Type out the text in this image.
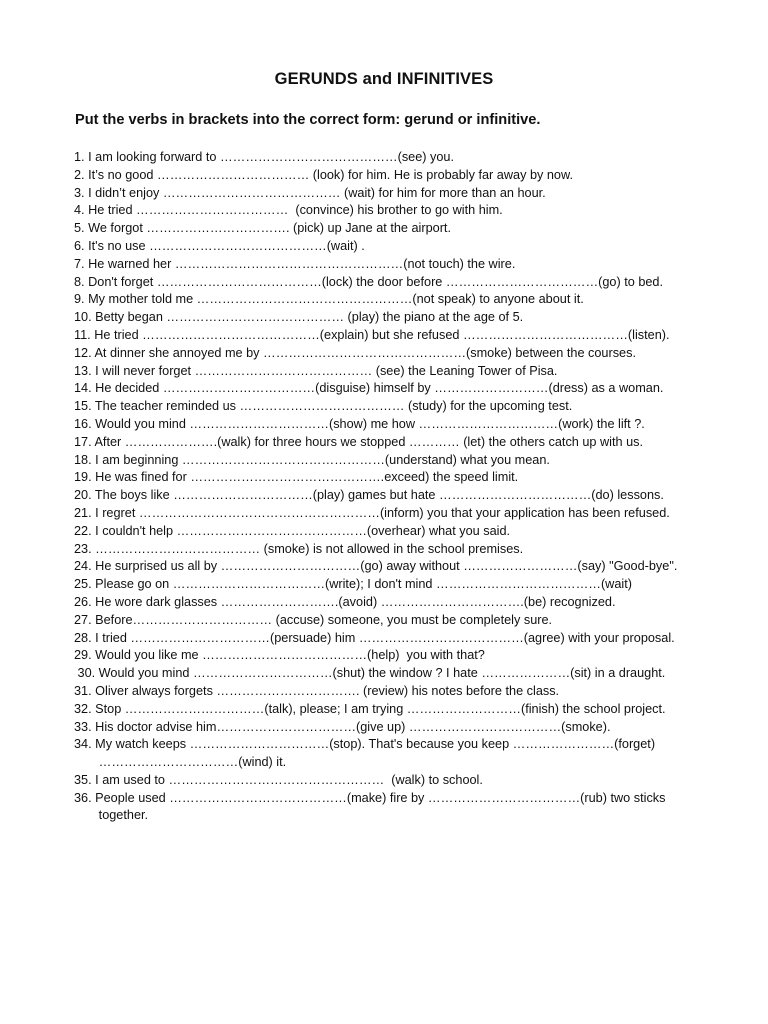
GERUNDS and INFINITIVES
Put the verbs in brackets into the correct form: gerund or infinitive.
1. I am looking forward to ……………………………………(see) you.
2. It’s no good ……………………………… (look) for him. He is probably far away by now.
3. I didn’t enjoy …………………………………… (wait) for him for more than an hour.
4. He tried ………………………………  (convince) his brother to go with him.
5. We forgot ……………………………. (pick) up Jane at the airport.
6. It's no use ……………………………………(wait) .
7. He warned her ………………………………………………(not touch) the wire.
8. Don't forget …………………………………(lock) the door before ………………………………(go) to bed.
9. My mother told me ……………………………………………(not speak) to anyone about it.
10. Betty began …………………………………… (play) the piano at the age of 5.
11. He tried ……………………………………(explain) but she refused …………………………………(listen).
12. At dinner she annoyed me by …………………………………………(smoke) between the courses.
13. I will never forget …………………………………… (see) the Leaning Tower of Pisa.
14. He decided ………………………………(disguise) himself by ………………………(dress) as a woman.
15. The teacher reminded us ………………………………… (study) for the upcoming test.
16. Would you mind ……………………………(show) me how ……………………………(work) the lift ?.
17. After ………………….(walk) for three hours we stopped ………… (let) the others catch up with us.
18. I am beginning …………………………………………(understand) what you mean.
19. He was fined for ……………………………………….exceed) the speed limit.
20. The boys like ……………………………(play) games but hate ………………………………(do) lessons.
21. I regret …………………………………………………(inform) you that your application has been refused.
22. I couldn't help ………………………………………(overhear) what you said.
23. ………………………………… (smoke) is not allowed in the school premises.
24. He surprised us all by ……………………………(go) away without ………………………(say) "Good-bye".
25. Please go on ………………………………(write); I don't mind …………………………………(wait)
26. He wore dark glasses ……………………….(avoid) …………………………….(be) recognized.
27. Before…………………………… (accuse) someone, you must be completely sure.
28. I tried ……………………………(persuade) him …………………………………(agree) with your proposal.
29. Would you like me …………………………………(help)  you with that?
30. Would you mind ……………………………(shut) the window ? I hate …………………(sit) in a draught.
31. Oliver always forgets ……………………………. (review) his notes before the class.
32. Stop ……………………………(talk), please; I am trying ………………………(finish) the school project.
33. His doctor advise him……………………………(give up) ………………………………(smoke).
34. My watch keeps ……………………………(stop). That's because you keep ……………………(forget)
……………………………(wind) it.
35. I am used to ……………………………………………  (walk) to school.
36. People used ……………………………………(make) fire by ………………………………(rub) two sticks
together.
